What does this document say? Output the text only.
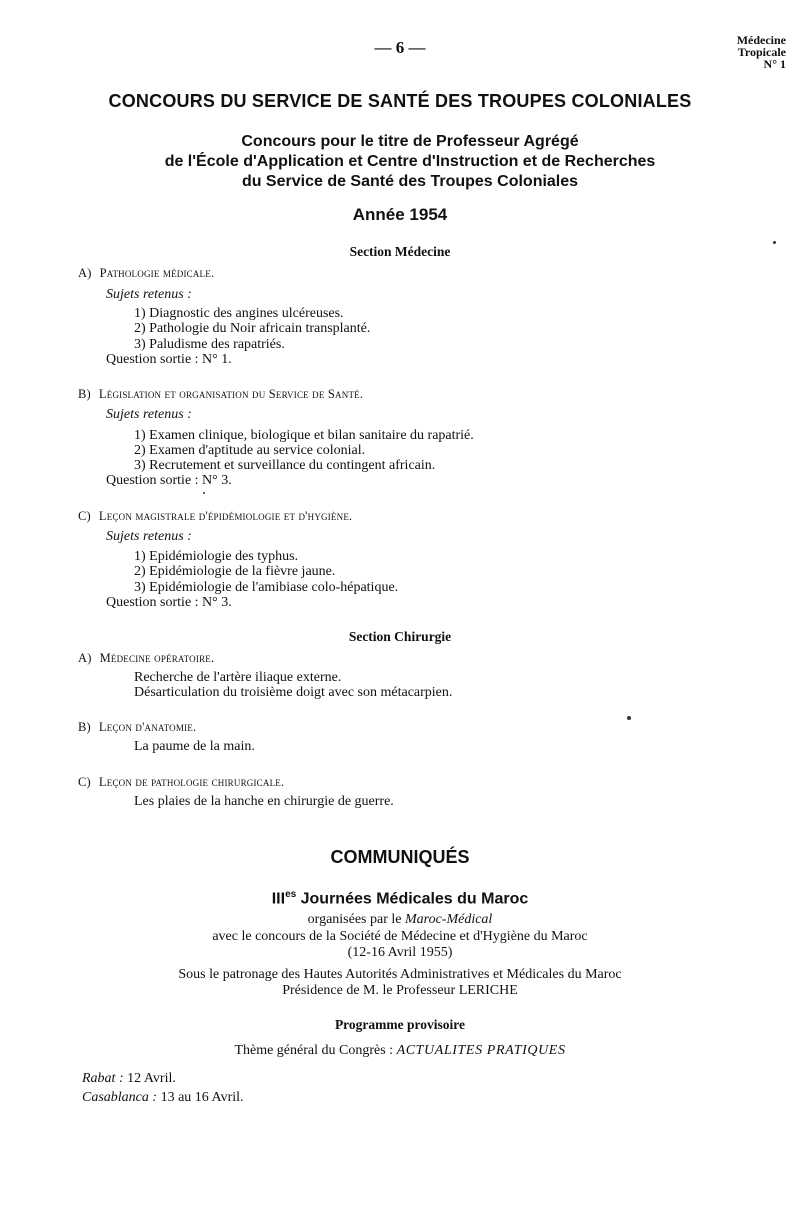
— 6 —	Médecine
Tropicale
N° 1
CONCOURS DU SERVICE DE SANTÉ DES TROUPES COLONIALES
Concours pour le titre de Professeur Agrégé
de l'École d'Application et Centre d'Instruction et de Recherches
du Service de Santé des Troupes Coloniales
Année 1954
Section Médecine
A) Pathologie médicale.
Sujets retenus :
1) Diagnostic des angines ulcéreuses.
2) Pathologie du Noir africain transplanté.
3) Paludisme des rapatriés.
Question sortie : N° 1.
B) Législation et organisation du Service de Santé.
Sujets retenus :
1) Examen clinique, biologique et bilan sanitaire du rapatrié.
2) Examen d'aptitude au service colonial.
3) Recrutement et surveillance du contingent africain.
Question sortie : N° 3.
C) Leçon magistrale d'épidémiologie et d'hygiène.
Sujets retenus :
1) Epidémiologie des typhus.
2) Epidémiologie de la fièvre jaune.
3) Epidémiologie de l'amibiase colo-hépatique.
Question sortie : N° 3.
Section Chirurgie
A) Médecine opératoire.
Recherche de l'artère iliaque externe.
Désarticulation du troisième doigt avec son métacarpien.
B) Leçon d'anatomie.
La paume de la main.
C) Leçon de pathologie chirurgicale.
Les plaies de la hanche en chirurgie de guerre.
COMMUNIQUÉS
$III^{es}$ Journées Médicales du Maroc
organisées par le Maroc-Médical
avec le concours de la Société de Médecine et d'Hygiène du Maroc
(12-16 Avril 1955)
Sous le patronage des Hautes Autorités Administratives et Médicales du Maroc
Présidence de M. le Professeur LERICHE
Programme provisoire
Thème général du Congrès : ACTUALITES PRATIQUES
Rabat : 12 Avril.
Casablanca : 13 au 16 Avril.
